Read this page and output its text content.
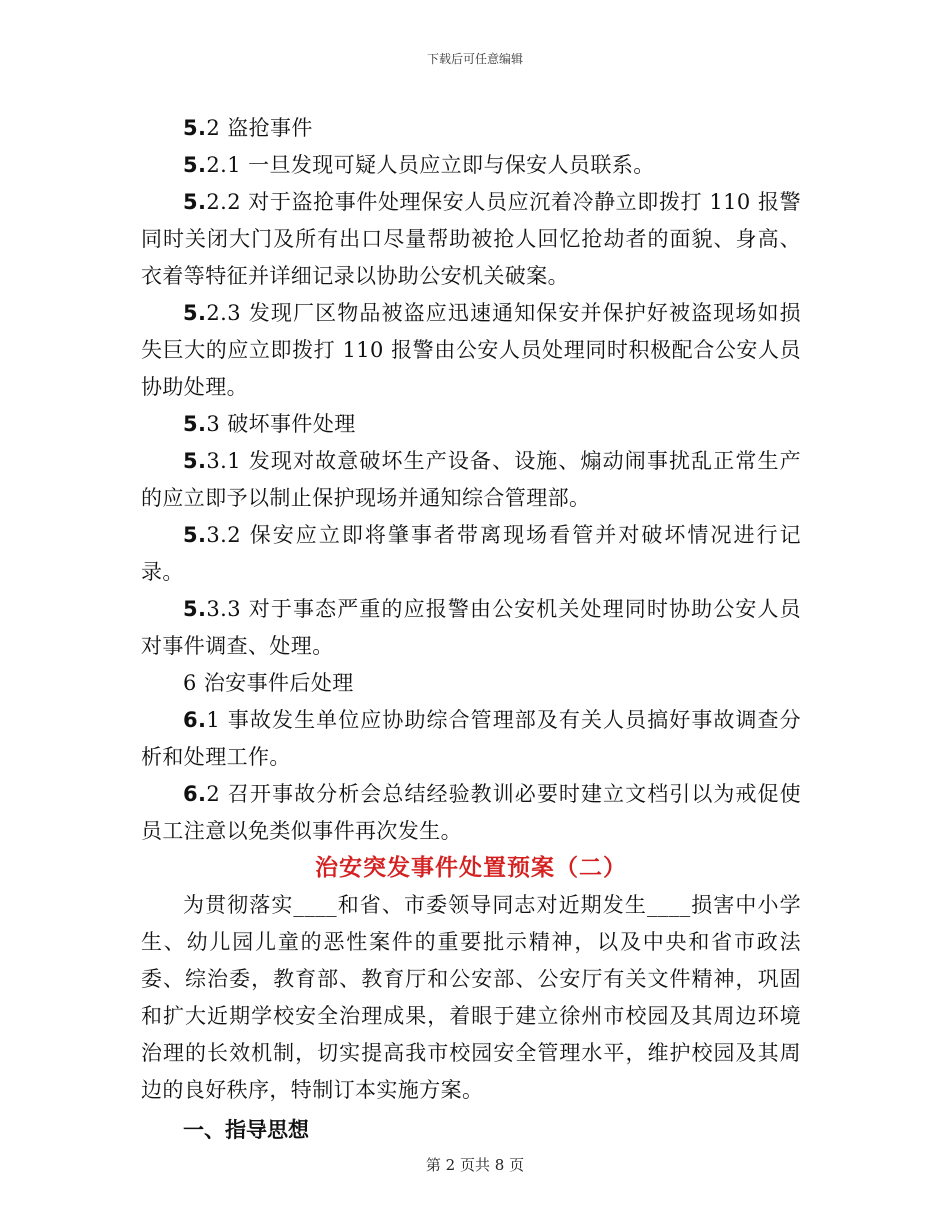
下载后可任意编辑

5.2 盗抢事件

5.2.1 一旦发现可疑人员应立即与保安人员联系。

5.2.2 对于盗抢事件处理保安人员应沉着冷静立即拨打 110 报警同时关闭大门及所有出口尽量帮助被抢人回忆抢劫者的面貌、身高、衣着等特征并详细记录以协助公安机关破案。

5.2.3 发现厂区物品被盗应迅速通知保安并保护好被盗现场如损失巨大的应立即拨打 110 报警由公安人员处理同时积极配合公安人员协助处理。

5.3 破坏事件处理

5.3.1 发现对故意破坏生产设备、设施、煽动闹事扰乱正常生产的应立即予以制止保护现场并通知综合管理部。

5.3.2 保安应立即将肇事者带离现场看管并对破坏情况进行记录。

5.3.3 对于事态严重的应报警由公安机关处理同时协助公安人员对事件调查、处理。

6 治安事件后处理

6.1 事故发生单位应协助综合管理部及有关人员搞好事故调查分析和处理工作。

6.2 召开事故分析会总结经验教训必要时建立文档引以为戒促使员工注意以免类似事件再次发生。

治安突发事件处置预案（二）

为贯彻落实____和省、市委领导同志对近期发生____损害中小学生、幼儿园儿童的恶性案件的重要批示精神，以及中央和省市政法委、综治委，教育部、教育厅和公安部、公安厅有关文件精神，巩固和扩大近期学校安全治理成果，着眼于建立徐州市校园及其周边环境治理的长效机制，切实提高我市校园安全管理水平，维护校园及其周边的良好秩序，特制订本实施方案。

一、指导思想

第 2 页共 8 页
